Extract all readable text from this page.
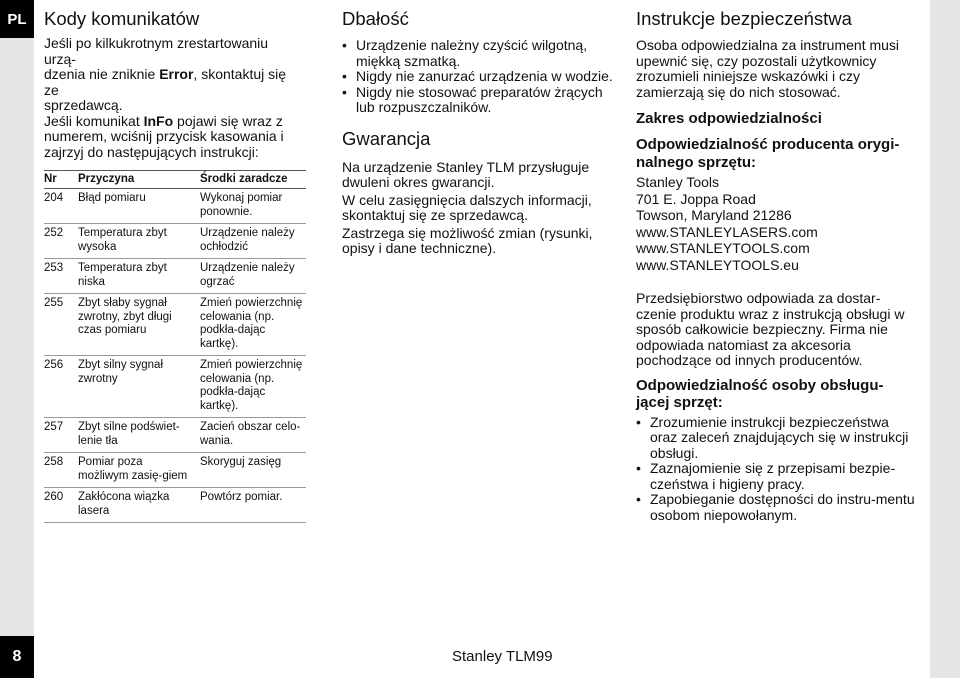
PL
8	Stanley TLM99
Kody komunikatów

Jeśli po kilkukrotnym zrestartowaniu urzą-
dzenia nie zniknie Error, skontaktuj się ze
sprzedawcą.
Jeśli komunikat InFo pojawi się wraz z
numerem, wciśnij przycisk kasowania i
zajrzyj do następujących instrukcji:

Nr	Przyczyna	Środki zaradcze
204	Błąd pomiaru	Wykonaj pomiar ponownie.
252	Temperatura zbyt wysoka	Urządzenie należy ochłodzić
253	Temperatura zbyt niska	Urządzenie należy ogrzać
255	Zbyt słaby sygnał zwrotny, zbyt długi czas pomiaru	Zmień powierzchnię celowania (np. podkła-dając kartkę).
256	Zbyt silny sygnał zwrotny	Zmień powierzchnię celowania (np. podkła-dając kartkę).
257	Zbyt silne podświet-lenie tła	Zacień obszar celo-wania.
258	Pomiar poza możliwym zasię-giem	Skoryguj zasięg
260	Zakłócona wiązka lasera	Powtórz pomiar.
Dbałość
• Urządzenie należny czyścić wilgotną, miękką szmatką.
• Nigdy nie zanurzać urządzenia w wodzie.
• Nigdy nie stosować preparatów żrących lub rozpuszczalników.
Gwarancja

Na urządzenie Stanley TLM przysługuje dwuleni okres gwarancji.

W celu zasięgnięcia dalszych informacji, skontaktuj się ze sprzedawcą.

Zastrzega się możliwość zmian (rysunki, opisy i dane techniczne).

Instrukcje bezpieczeństwa

Osoba odpowiedzialna za instrument musi upewnić się, czy pozostali użytkownicy zrozumieli niniejsze wskazówki i czy zamierzają się do nich stosować.

Zakres odpowiedzialności
Odpowiedzialność producenta orygi-nalnego sprzętu:

Stanley Tools

701 E. Joppa Road

Towson, Maryland 21286

www.STANLEYLASERS.com

www.STANLEYTOOLS.com

www.STANLEYTOOLS.eu

Przedsiębiorstwo odpowiada za dostar-czenie produktu wraz z instrukcją obsługi w sposób całkowicie bezpieczny. Firma nie odpowiada natomiast za akcesoria pochodzące od innych producentów.

Odpowiedzialność osoby obsługu-jącej sprzęt:
• Zrozumienie instrukcji bezpieczeństwa oraz zaleceń znajdujących się w instrukcji obsługi.
• Zaznajomienie się z przepisami bezpie-czeństwa i higieny pracy.
• Zapobieganie dostępności do instru-mentu osobom niepowołanym.
